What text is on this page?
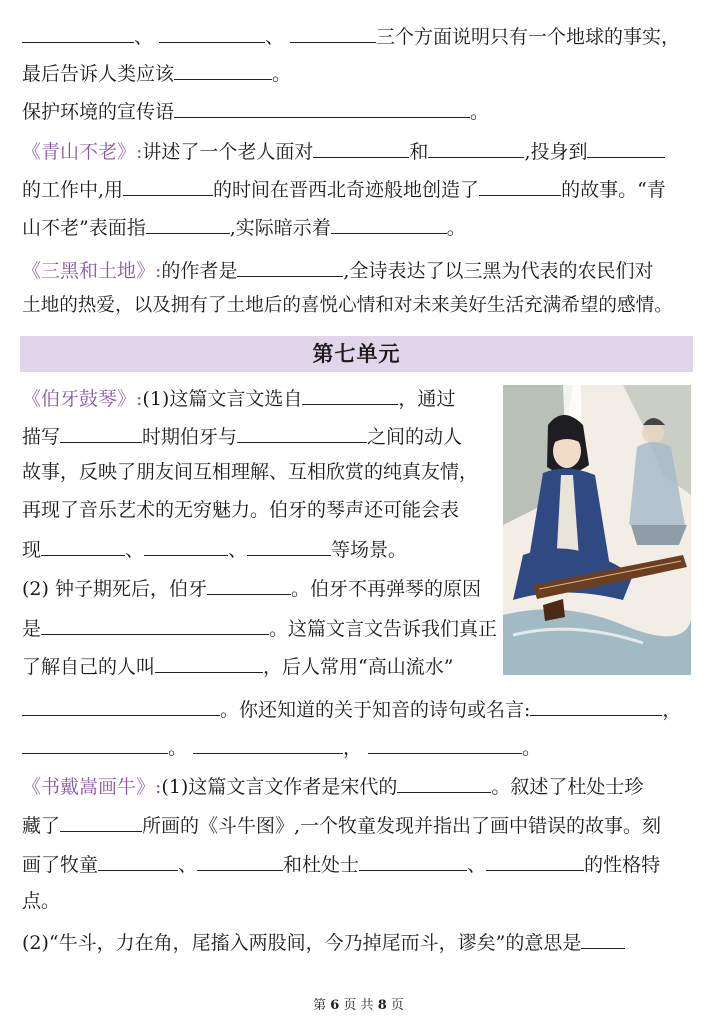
、	、	三个方面说明只有一个地球的事实，
最后告诉人类应该	。
保护环境的宣传语	。
《青山不老》:讲述了一个老人面对	和	,投身到
的工作中,用	的时间在晋西北奇迹般地创造了	的故事。“青
山不老”表面指	,实际暗示着	。
《三黑和土地》:的作者是	,全诗表达了以三黑为代表的农民们对
土地的热爱，以及拥有了土地后的喜悦心情和对未来美好生活充满希望的感情。
第七单元
《伯牙鼓琴》:(1)这篇文言文选自	，通过
描写	时期伯牙与	之间的动人
故事，反映了朋友间互相理解、互相欣赏的纯真友情，
再现了音乐艺术的无穷魅力。伯牙的琴声还可能会表
现	、	、	等场景。
(2) 钟子期死后，伯牙	。伯牙不再弹琴的原因
是	。这篇文言文告诉我们真正
了解自己的人叫	，后人常用“高山流水”
。你还知道的关于知音的诗句或名言:	，
。	，	。
《书戴嵩画牛》:(1)这篇文言文作者是宋代的	。叙述了杜处士珍
藏了	所画的《斗牛图》,一个牧童发现并指出了画中错误的故事。刻
画了牧童	、	和杜处士	、	的性格特
点。
(2)“牛斗，力在角，尾搐入两股间，今乃掉尾而斗，谬矣”的意思是
第 6 页 共 8 页
